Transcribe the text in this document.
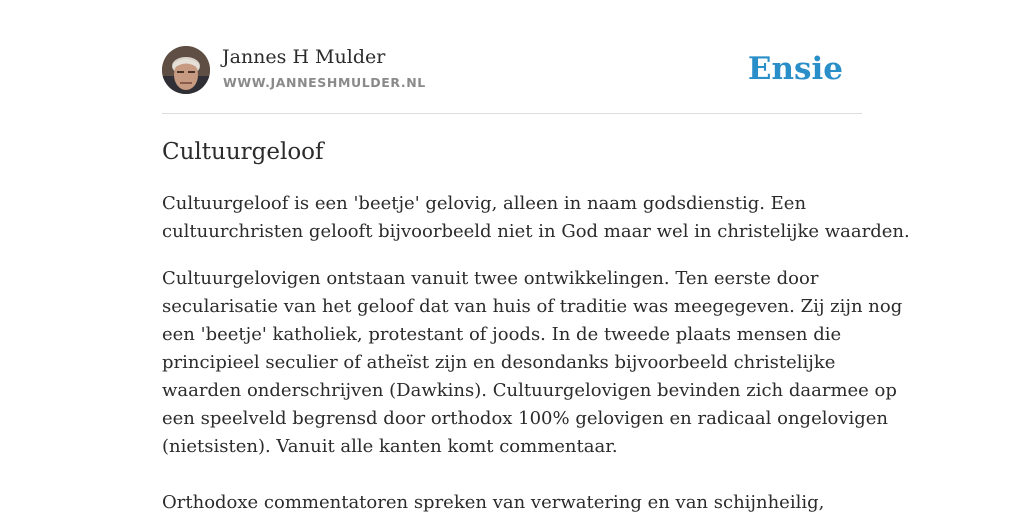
Jannes H Mulder
WWW.JANNESHMULDER.NL	Ensie
Cultuurgeloof
Cultuurgeloof is een 'beetje' gelovig, alleen in naam godsdienstig. Een
cultuurchristen gelooft bijvoorbeeld niet in God maar wel in christelijke waarden.
Cultuurgelovigen ontstaan vanuit twee ontwikkelingen. Ten eerste door
secularisatie van het geloof dat van huis of traditie was meegegeven. Zij zijn nog
een 'beetje' katholiek, protestant of joods. In de tweede plaats mensen die
principieel seculier of atheïst zijn en desondanks bijvoorbeeld christelijke
waarden onderschrijven (Dawkins). Cultuurgelovigen bevinden zich daarmee op
een speelveld begrensd door orthodox 100% gelovigen en radicaal ongelovigen
(nietsisten). Vanuit alle kanten komt commentaar.
Orthodoxe commentatoren spreken van verwatering en van schijnheilig,
